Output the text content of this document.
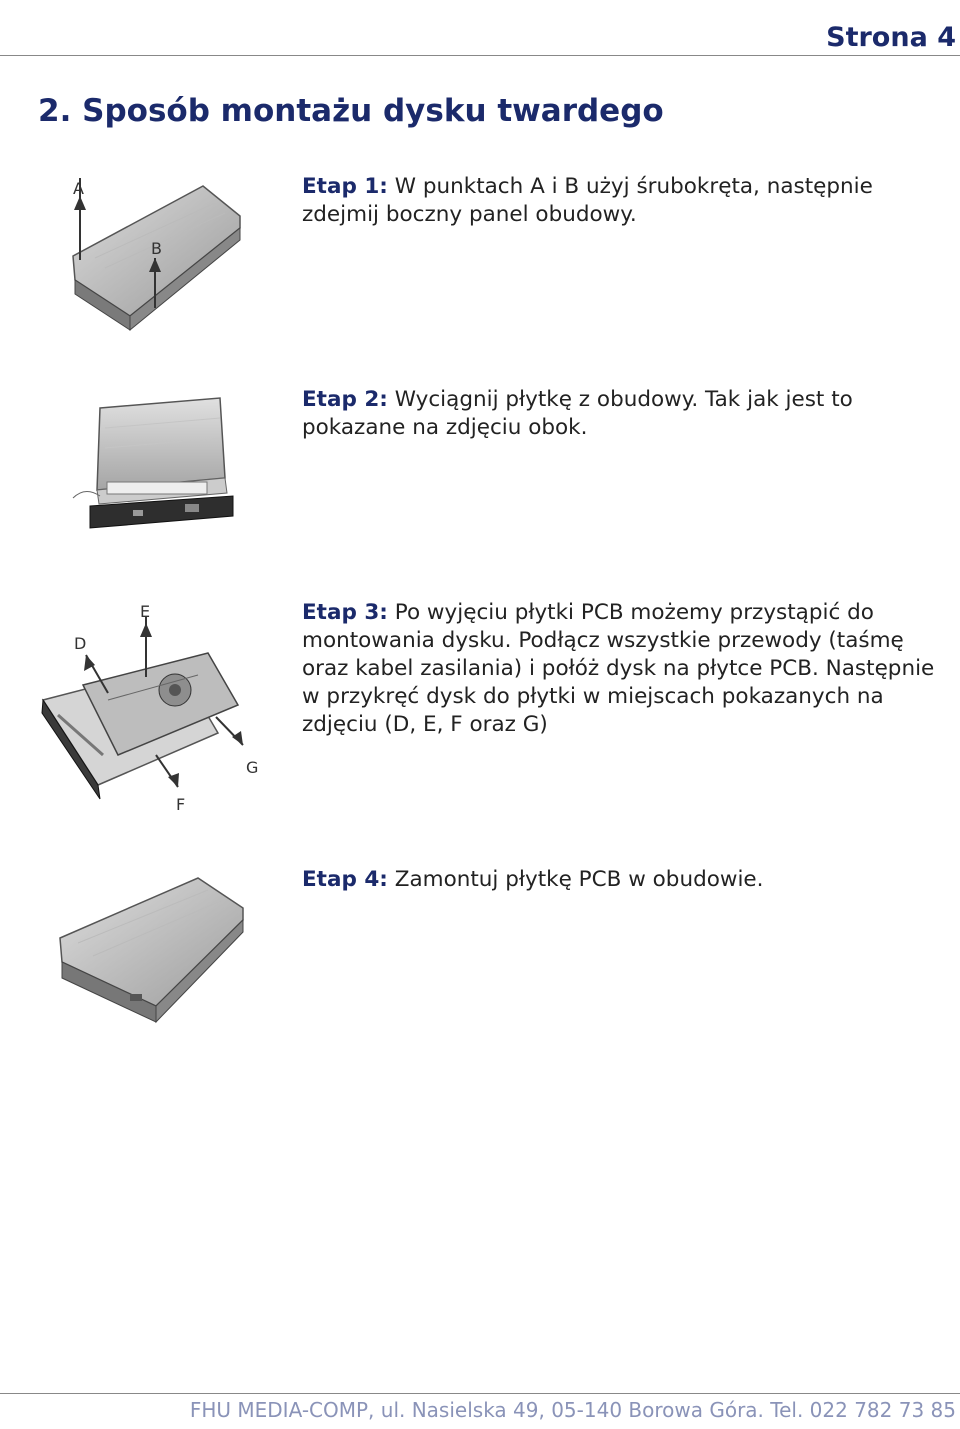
Strona 4
2. Sposób montażu dysku twardego
A
B

Etap 1: W punktach A i B użyj śrubokręta, następnie zdejmij boczny panel obudowy.

Etap 2: Wyciągnij płytkę z obudowy. Tak jak jest to pokazane na zdjęciu obok.

D
E
F
G

Etap 3: Po wyjęciu płytki PCB możemy przystąpić do montowania dysku. Podłącz wszystkie przewody (taśmę oraz kabel zasilania) i połóż dysk na płytce PCB. Następnie w przykręć dysk do płytki w miejscach pokazanych na zdjęciu (D, E, F oraz G)

Etap 4: Zamontuj płytkę PCB w obudowie.

FHU MEDIA-COMP, ul. Nasielska 49, 05-140 Borowa Góra. Tel. 022 782 73 85
